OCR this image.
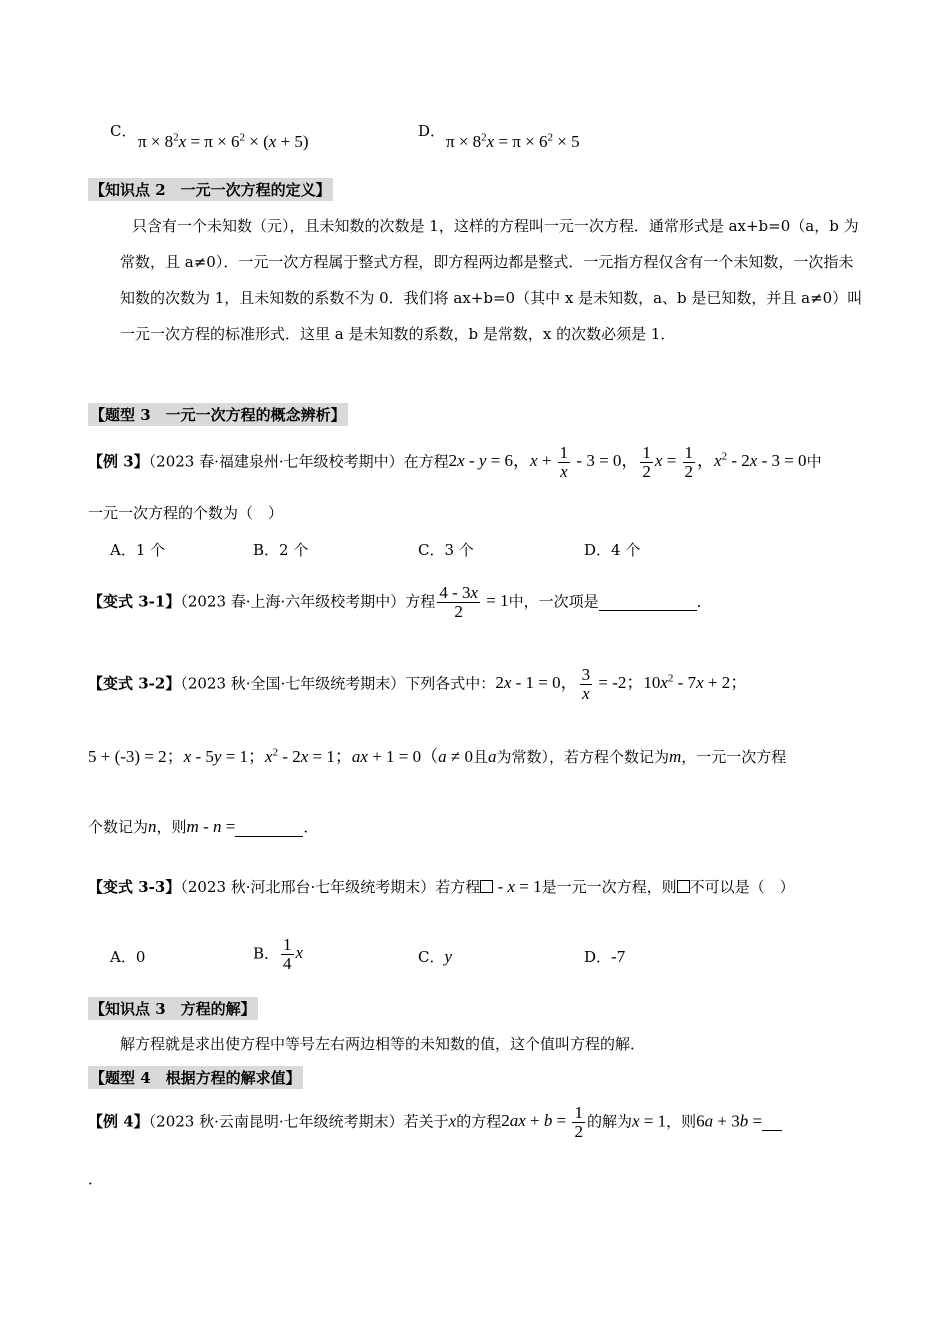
C．
$\pi \times 8^2x = \pi \times 6^2 \times (x + 5)$
D．
$\pi \times 8^2x = \pi \times 6^2 \times 5$
【知识点 2　一元一次方程的定义】
只含有一个未知数（元），且未知数的次数是 1，这样的方程叫一元一次方程．通常形式是 ax+b=0（a，b 为常数，且 a≠0）．一元一次方程属于整式方程，即方程两边都是整式．一元指方程仅含有一个未知数，一次指未知数的次数为 1，且未知数的系数不为 0．我们将 ax+b=0（其中 x 是未知数，a、b 是已知数，并且 a≠0）叫一元一次方程的标准形式．这里 a 是未知数的系数，b 是常数，x 的次数必须是 1．
【题型 3　一元一次方程的概念辨析】
【例 3】（2023 春·福建泉州·七年级校考期中）在方程2x - y = 6，$x + \frac{1}{x} - 3 = 0$， $\frac{1}{2}$ $x = \frac{1}{2}$ ，$x^2 - 2x - 3 = 0$中
一元一次方程的个数为（　）
A．1 个	B．2 个	C．3 个	D．4 个
【变式 3-1】（2023 春·上海·六年级校考期中）方程 $\frac{4 - 3x}{2} = 1$中，一次项是	．
【变式 3-2】（2023 秋·全国·七年级统考期末）下列各式中：2x - 1 = 0， $\frac{3}{x} = -2$；$10x^2 - 7x + 2$；
5 + (-3) = 2；x - 5y = 1；$x^2 - 2x = 1$；ax + 1 = 0（a ≠ 0且a为常数），若方程个数记为m，一元一次方程
个数记为n，则m - n =	．
【变式 3-3】（2023 秋·河北邢台·七年级统考期末）若方程 - x = 1是一元一次方程，则 不可以是（　）
A．0	B． $\frac{1}{4}$ x	C．y	D．-7
【知识点 3　方程的解】
解方程就是求出使方程中等号左右两边相等的未知数的值，这个值叫方程的解．
【题型 4　根据方程的解求值】
【例 4】（2023 秋·云南昆明·七年级统考期末）若关于x的方程$2ax + b = \frac{1}{2}$ 的解为x = 1，则6a + 3b =
．
